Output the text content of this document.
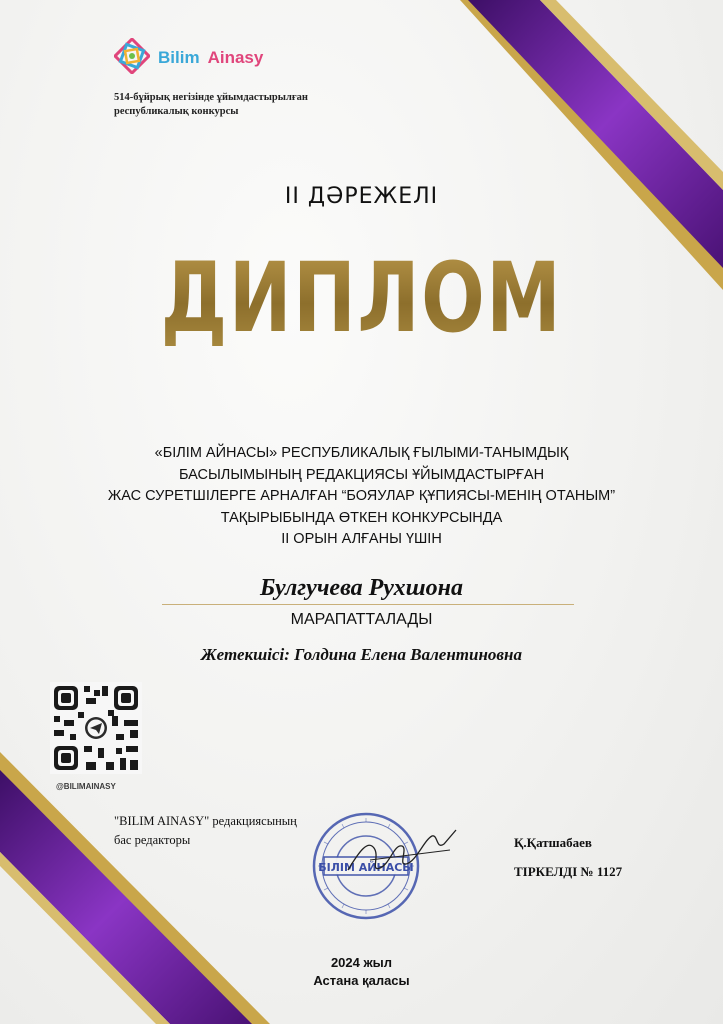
Bilim Ainasy
514-бұйрық негізінде ұйымдастырылған
республикалық конкурсы
II ДӘРЕЖЕЛІ
ДИПЛОМ
«БІЛІМ АЙНАСЫ» РЕСПУБЛИКАЛЫҚ ҒЫЛЫМИ-ТАНЫМДЫҚ
БАСЫЛЫМЫНЫҢ РЕДАКЦИЯСЫ ҰЙЫМДАСТЫРҒАН
ЖАС СУРЕТШІЛЕРГЕ АРНАЛҒАН “БОЯУЛАР ҚҰПИЯСЫ-МЕНІҢ ОТАНЫМ”
ТАҚЫРЫБЫНДА ӨТКЕН КОНКУРСЫНДА
II ОРЫН АЛҒАНЫ ҮШІН
Булгучева Рухшона
МАРАПАТТАЛАДЫ
Жетекшісі: Голдина Елена Валентиновна
@BILIMAINASY
"BILIM AINASY" редакциясының
бас редакторы
БІЛІМ АЙНАСЫ
Қ.Қатшабаев
ТІРКЕЛДІ № 1127
2024 жыл
Астана қаласы
